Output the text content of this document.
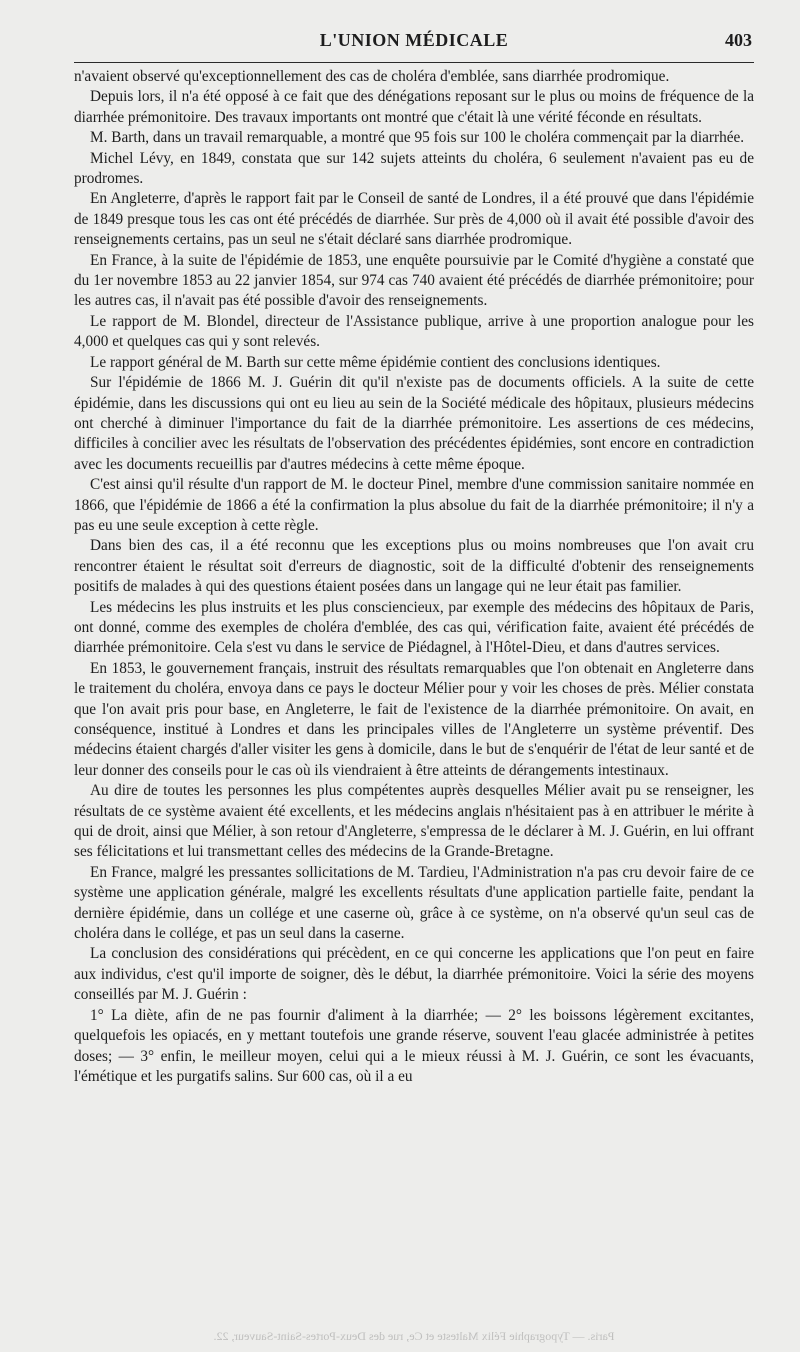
L'UNION MÉDICALE	403

n'avaient observé qu'exceptionnellement des cas de choléra d'emblée, sans diarrhée prodromique.

Depuis lors, il n'a été opposé à ce fait que des dénégations reposant sur le plus ou moins de fréquence de la diarrhée prémonitoire. Des travaux importants ont montré que c'était là une vérité féconde en résultats.

M. Barth, dans un travail remarquable, a montré que 95 fois sur 100 le choléra commençait par la diarrhée.

Michel Lévy, en 1849, constata que sur 142 sujets atteints du choléra, 6 seulement n'avaient pas eu de prodromes.

En Angleterre, d'après le rapport fait par le Conseil de santé de Londres, il a été prouvé que dans l'épidémie de 1849 presque tous les cas ont été précédés de diarrhée. Sur près de 4,000 où il avait été possible d'avoir des renseignements certains, pas un seul ne s'était déclaré sans diarrhée prodromique.

En France, à la suite de l'épidémie de 1853, une enquête poursuivie par le Comité d'hygiène a constaté que du 1er novembre 1853 au 22 janvier 1854, sur 974 cas 740 avaient été précédés de diarrhée prémonitoire; pour les autres cas, il n'avait pas été possible d'avoir des renseignements.

Le rapport de M. Blondel, directeur de l'Assistance publique, arrive à une proportion analogue pour les 4,000 et quelques cas qui y sont relevés.

Le rapport général de M. Barth sur cette même épidémie contient des conclusions identiques.

Sur l'épidémie de 1866 M. J. Guérin dit qu'il n'existe pas de documents officiels. A la suite de cette épidémie, dans les discussions qui ont eu lieu au sein de la Société médicale des hôpitaux, plusieurs médecins ont cherché à diminuer l'importance du fait de la diarrhée prémonitoire. Les assertions de ces médecins, difficiles à concilier avec les résultats de l'observation des précédentes épidémies, sont encore en contradiction avec les documents recueillis par d'autres médecins à cette même époque.

C'est ainsi qu'il résulte d'un rapport de M. le docteur Pinel, membre d'une commission sanitaire nommée en 1866, que l'épidémie de 1866 a été la confirmation la plus absolue du fait de la diarrhée prémonitoire; il n'y a pas eu une seule exception à cette règle.

Dans bien des cas, il a été reconnu que les exceptions plus ou moins nombreuses que l'on avait cru rencontrer étaient le résultat soit d'erreurs de diagnostic, soit de la difficulté d'obtenir des renseignements positifs de malades à qui des questions étaient posées dans un langage qui ne leur était pas familier.

Les médecins les plus instruits et les plus consciencieux, par exemple des médecins des hôpitaux de Paris, ont donné, comme des exemples de choléra d'emblée, des cas qui, vérification faite, avaient été précédés de diarrhée prémonitoire. Cela s'est vu dans le service de Piédagnel, à l'Hôtel-Dieu, et dans d'autres services.

En 1853, le gouvernement français, instruit des résultats remarquables que l'on obtenait en Angleterre dans le traitement du choléra, envoya dans ce pays le docteur Mélier pour y voir les choses de près. Mélier constata que l'on avait pris pour base, en Angleterre, le fait de l'existence de la diarrhée prémonitoire. On avait, en conséquence, institué à Londres et dans les principales villes de l'Angleterre un système préventif. Des médecins étaient chargés d'aller visiter les gens à domicile, dans le but de s'enquérir de l'état de leur santé et de leur donner des conseils pour le cas où ils viendraient à être atteints de dérangements intestinaux.

Au dire de toutes les personnes les plus compétentes auprès desquelles Mélier avait pu se renseigner, les résultats de ce système avaient été excellents, et les médecins anglais n'hésitaient pas à en attribuer le mérite à qui de droit, ainsi que Mélier, à son retour d'Angleterre, s'empressa de le déclarer à M. J. Guérin, en lui offrant ses félicitations et lui transmettant celles des médecins de la Grande-Bretagne.

En France, malgré les pressantes sollicitations de M. Tardieu, l'Administration n'a pas cru devoir faire de ce système une application générale, malgré les excellents résultats d'une application partielle faite, pendant la dernière épidémie, dans un collége et une caserne où, grâce à ce système, on n'a observé qu'un seul cas de choléra dans le collége, et pas un seul dans la caserne.

La conclusion des considérations qui précèdent, en ce qui concerne les applications que l'on peut en faire aux individus, c'est qu'il importe de soigner, dès le début, la diarrhée prémonitoire. Voici la série des moyens conseillés par M. J. Guérin :

1° La diète, afin de ne pas fournir d'aliment à la diarrhée; — 2° les boissons légèrement excitantes, quelquefois les opiacés, en y mettant toutefois une grande réserve, souvent l'eau glacée administrée à petites doses; — 3° enfin, le meilleur moyen, celui qui a le mieux réussi à M. J. Guérin, ce sont les évacuants, l'émétique et les purgatifs salins. Sur 600 cas, où il a eu

Paris. — Typographie Félix Malteste et Ce, rue des Deux-Portes-Saint-Sauveur, 22.
